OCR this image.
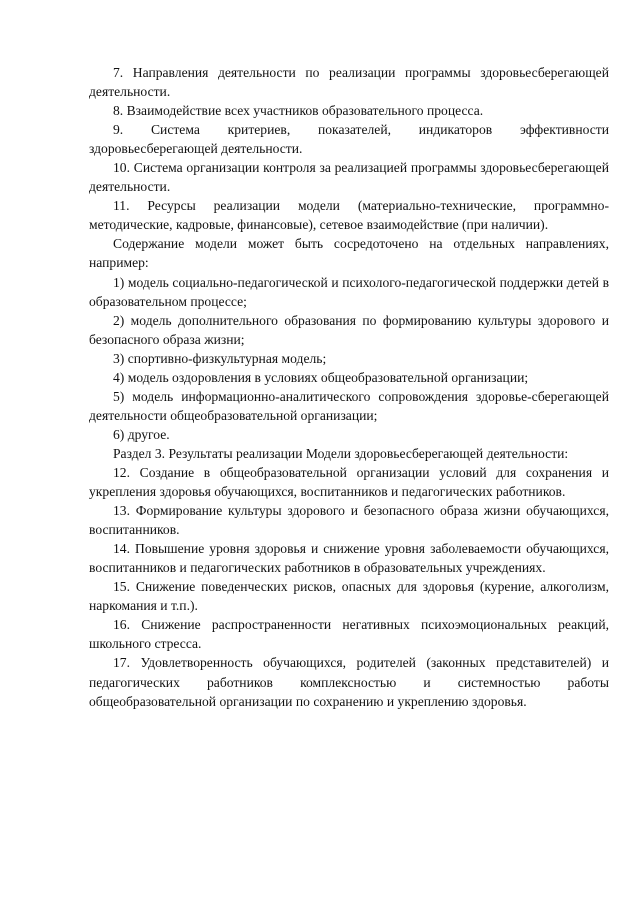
7. Направления деятельности по реализации программы здоровьесберегающей деятельности.

8. Взаимодействие всех участников образовательного процесса.

9. Система критериев, показателей, индикаторов эффективности здоровьесберегающей деятельности.

10. Система организации контроля за реализацией программы здоровьесберегающей деятельности.

11. Ресурсы реализации модели (материально-технические, программно-методические, кадровые, финансовые), сетевое взаимодействие (при наличии).

Содержание модели может быть сосредоточено на отдельных направлениях, например:

1) модель социально-педагогической и психолого-педагогической поддержки детей в образовательном процессе;

2) модель дополнительного образования по формированию культуры здорового и безопасного образа жизни;

3) спортивно-физкультурная модель;

4) модель оздоровления в условиях общеобразовательной организации;

5) модель информационно-аналитического сопровождения здоровье-сберегающей деятельности общеобразовательной организации;

6) другое.

Раздел 3. Результаты реализации Модели здоровьесберегающей деятельности:

12. Создание в общеобразовательной организации условий для сохранения и укрепления здоровья обучающихся, воспитанников и педагогических работников.

13. Формирование культуры здорового и безопасного образа жизни обучающихся, воспитанников.

14. Повышение уровня здоровья и снижение уровня заболеваемости обучающихся, воспитанников и педагогических работников в образовательных учреждениях.

15. Снижение поведенческих рисков, опасных для здоровья (курение, алкоголизм, наркомания и т.п.).

16. Снижение распространенности негативных психоэмоциональных реакций, школьного стресса.

17. Удовлетворенность обучающихся, родителей (законных представителей) и педагогических работников комплексностью и системностью работы общеобразовательной организации по сохранению и укреплению здоровья.
